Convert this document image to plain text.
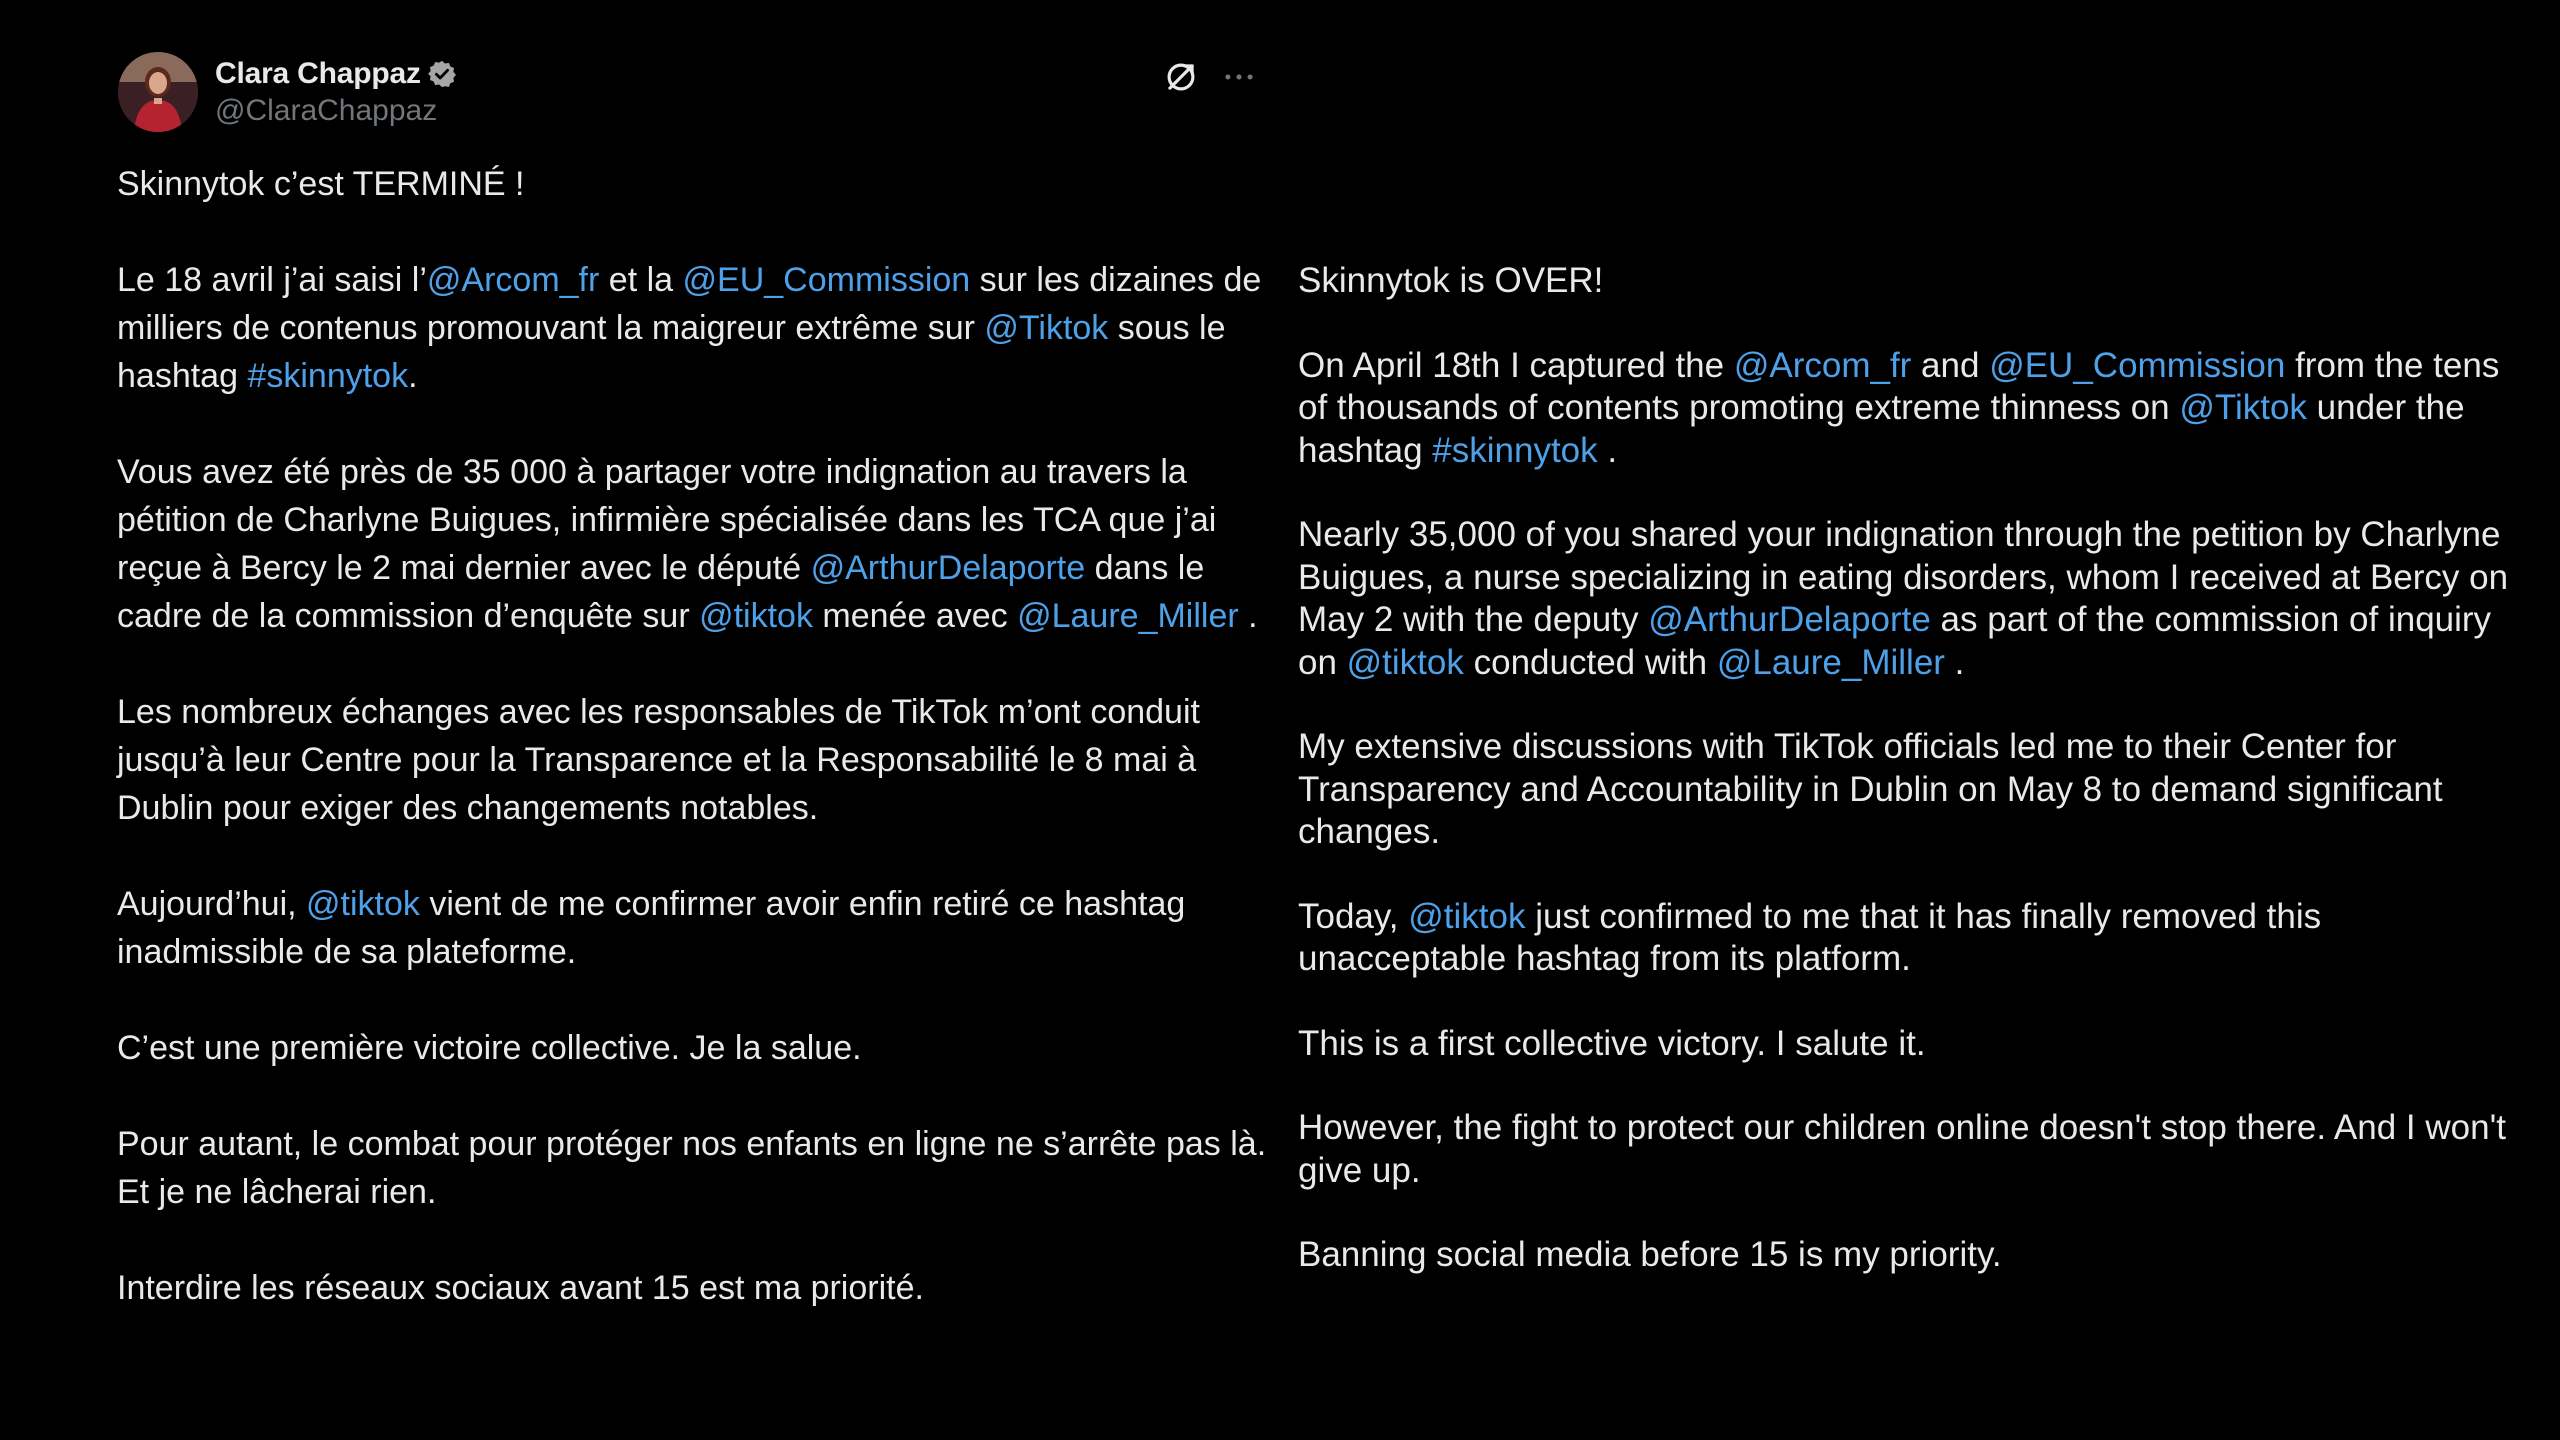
Clara Chappaz
@ClaraChappaz

Skinnytok c’est TERMINÉ !

Le 18 avril j’ai saisi l’@Arcom_fr et la @EU_Commission sur les dizaines de milliers de contenus promouvant la maigreur extrême sur @Tiktok sous le hashtag #skinnytok.

Vous avez été près de 35 000 à partager votre indignation au travers la pétition de Charlyne Buigues, infirmière spécialisée dans les TCA que j’ai reçue à Bercy le 2 mai dernier avec le député @ArthurDelaporte dans le cadre de la commission d’enquête sur @tiktok menée avec @Laure_Miller .

Les nombreux échanges avec les responsables de TikTok m’ont conduit jusqu’à leur Centre pour la Transparence et la Responsabilité le 8 mai à Dublin pour exiger des changements notables.

Aujourd’hui, @tiktok vient de me confirmer avoir enfin retiré ce hashtag inadmissible de sa plateforme.

C’est une première victoire collective. Je la salue.

Pour autant, le combat pour protéger nos enfants en ligne ne s’arrête pas là. Et je ne lâcherai rien.

Interdire les réseaux sociaux avant 15 est ma priorité.

Skinnytok is OVER!

On April 18th I captured the @Arcom_fr and @EU_Commission from the tens of thousands of contents promoting extreme thinness on @Tiktok under the hashtag #skinnytok .

Nearly 35,000 of you shared your indignation through the petition by Charlyne Buigues, a nurse specializing in eating disorders, whom I received at Bercy on May 2 with the deputy @ArthurDelaporte as part of the commission of inquiry on @tiktok conducted with @Laure_Miller .

My extensive discussions with TikTok officials led me to their Center for Transparency and Accountability in Dublin on May 8 to demand significant changes.

Today, @tiktok just confirmed to me that it has finally removed this unacceptable hashtag from its platform.

This is a first collective victory. I salute it.

However, the fight to protect our children online doesn't stop there. And I won't give up.

Banning social media before 15 is my priority.
